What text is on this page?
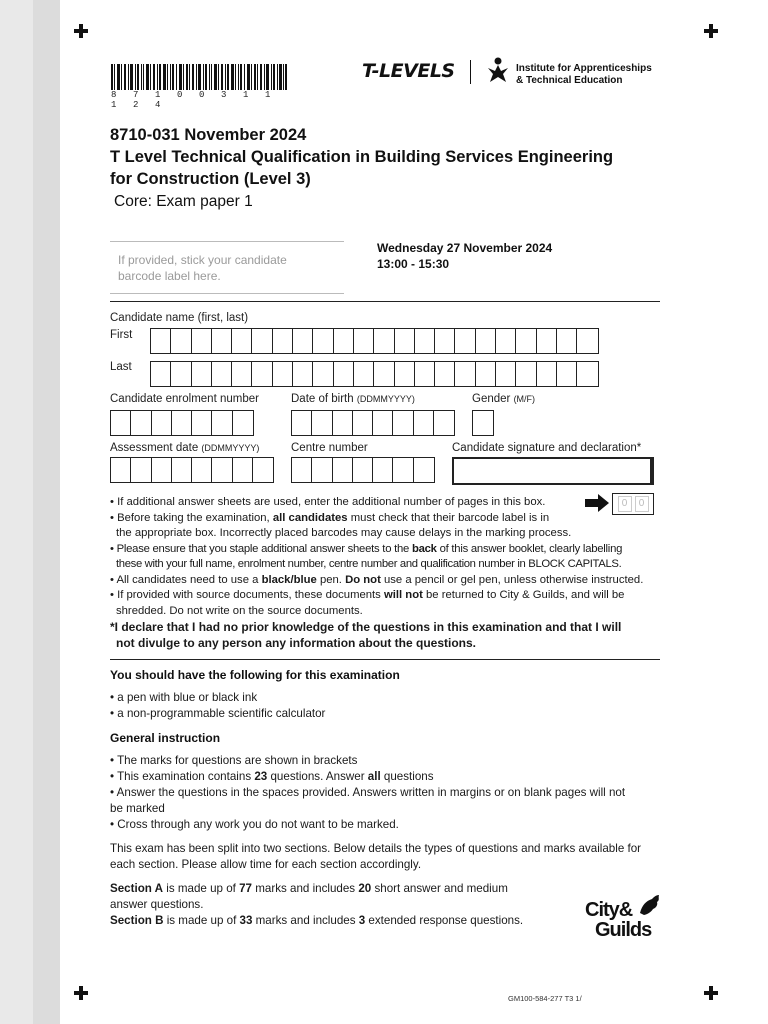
8 7 1 0 0 3 1 1 1 2 4
T-LEVELS	Institute for Apprenticeships
& Technical Education
8710-031 November 2024
T Level Technical Qualification in Building Services Engineering
for Construction (Level 3)
Core: Exam paper 1
If provided, stick your candidate
barcode label here.
Wednesday 27 November 2024
13:00 - 15:30
Candidate name (first, last)
First
Last
Candidate enrolment number	Date of birth (DDMMYYYY)	Gender (M/F)
Assessment date (DDMMYYYY)	Centre number	Candidate signature and declaration*
0	0

• If additional answer sheets are used, enter the additional number of pages in this box.

• Before taking the examination, all candidates must check that their barcode label is in

the appropriate box. Incorrectly placed barcodes may cause delays in the marking process.

• Please ensure that you staple additional answer sheets to the back of this answer booklet, clearly labelling

these with your full name, enrolment number, centre number and qualification number in BLOCK CAPITALS.

• All candidates need to use a black/blue pen. Do not use a pencil or gel pen, unless otherwise instructed.

• If provided with source documents, these documents will not be returned to City & Guilds, and will be

shredded. Do not write on the source documents.

*I declare that I had no prior knowledge of the questions in this examination and that I will

not divulge to any person any information about the questions.

You should have the following for this examination
• a pen with blue or black ink
• a non-programmable scientific calculator
General instruction
• The marks for questions are shown in brackets
• This examination contains 23 questions. Answer all questions
• Answer the questions in the spaces provided. Answers written in margins or on blank pages will not
be marked
• Cross through any work you do not want to be marked.
This exam has been split into two sections. Below details the types of questions and marks available for
each section. Please allow time for each section accordingly.
Section A is made up of 77 marks and includes 20 short answer and medium
answer questions.
Section B is made up of 33 marks and includes 3 extended response questions.	City&
Guilds
GM100-584-277 T3 1/
